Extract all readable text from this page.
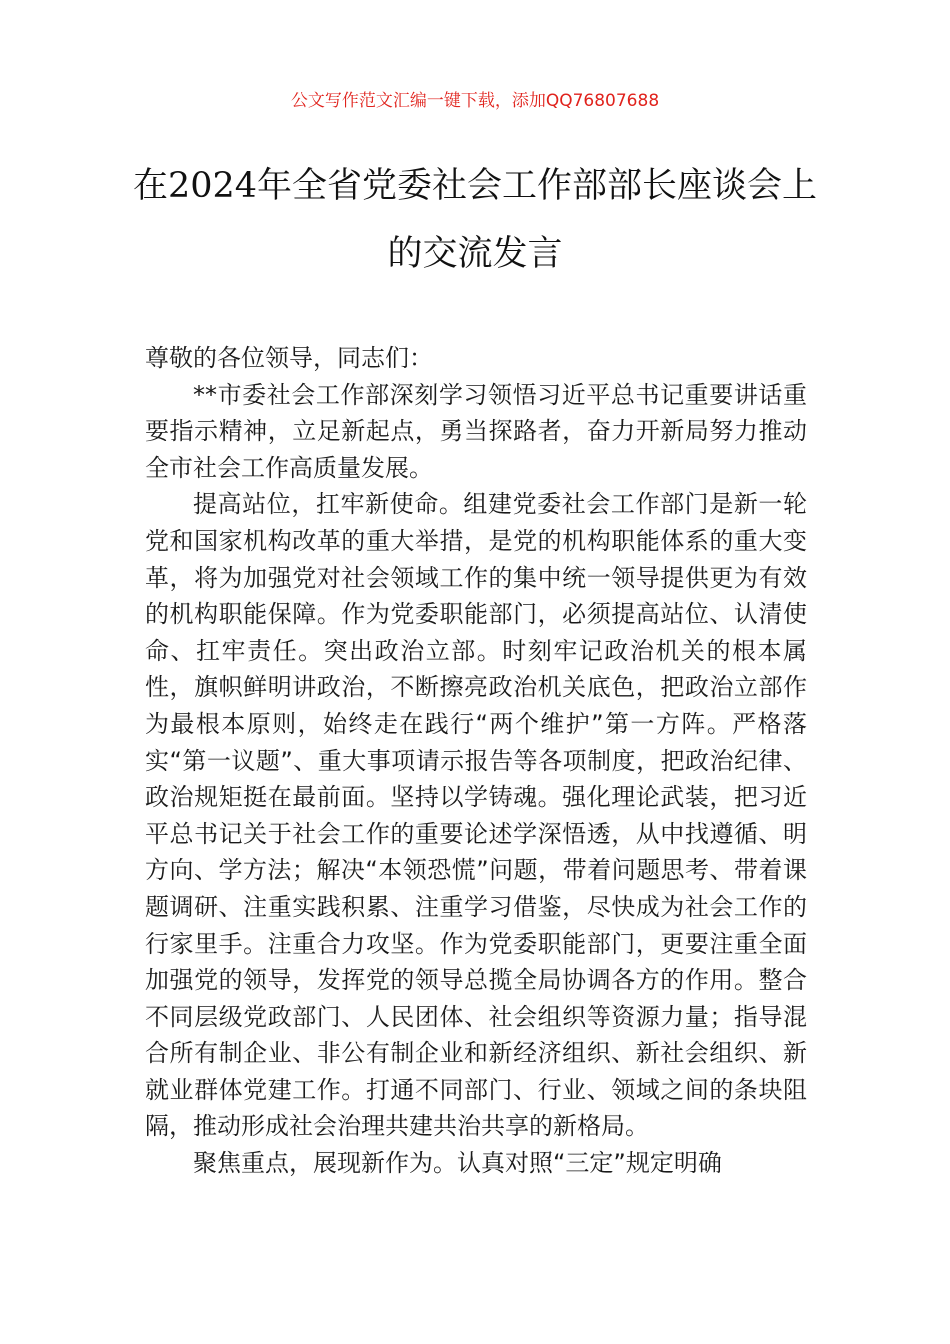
公文写作范文汇编一键下载，添加QQ76807688
在2024年全省党委社会工作部部长座谈会上的交流发言

尊敬的各位领导，同志们：

**市委社会工作部深刻学习领悟习近平总书记重要讲话重要指示精神，立足新起点，勇当探路者，奋力开新局努力推动全市社会工作高质量发展。

提高站位，扛牢新使命。组建党委社会工作部门是新一轮党和国家机构改革的重大举措，是党的机构职能体系的重大变革，将为加强党对社会领域工作的集中统一领导提供更为有效的机构职能保障。作为党委职能部门，必须提高站位、认清使命、扛牢责任。突出政治立部。时刻牢记政治机关的根本属性，旗帜鲜明讲政治，不断擦亮政治机关底色，把政治立部作为最根本原则，始终走在践行“两个维护”第一方阵。严格落实“第一议题”、重大事项请示报告等各项制度，把政治纪律、政治规矩挺在最前面。坚持以学铸魂。强化理论武装，把习近平总书记关于社会工作的重要论述学深悟透，从中找遵循、明方向、学方法；解决“本领恐慌”问题，带着问题思考、带着课题调研、注重实践积累、注重学习借鉴，尽快成为社会工作的行家里手。注重合力攻坚。作为党委职能部门，更要注重全面加强党的领导，发挥党的领导总揽全局协调各方的作用。整合不同层级党政部门、人民团体、社会组织等资源力量；指导混合所有制企业、非公有制企业和新经济组织、新社会组织、新就业群体党建工作。打通不同部门、行业、领域之间的条块阻隔，推动形成社会治理共建共治共享的新格局。

聚焦重点，展现新作为。认真对照“三定”规定明确
